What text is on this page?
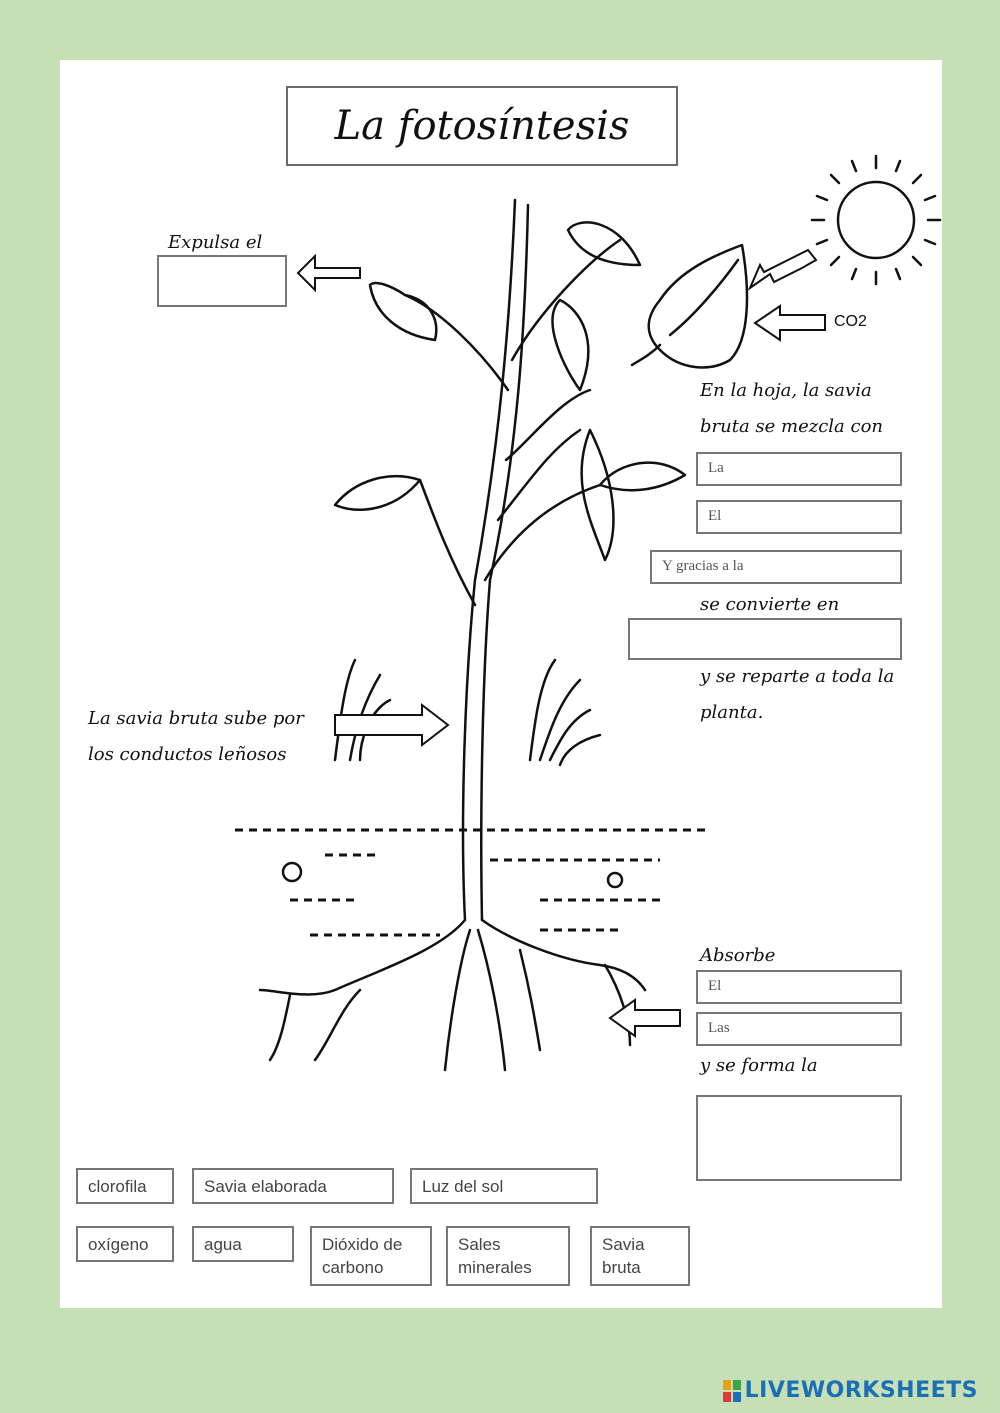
La fotosíntesis
Expulsa el
CO2
En la hoja, la savia
bruta se mezcla con
se convierte en
y se reparte a toda la
planta.
La savia bruta sube por
los conductos leñosos
Absorbe
y se forma la
La
El
Y gracias a la
El
Las
clorofila	Savia elaborada	Luz del sol
oxígeno	agua	Dióxido de carbono
Sales minerales
Savia bruta
LIVEWORKSHEETS
